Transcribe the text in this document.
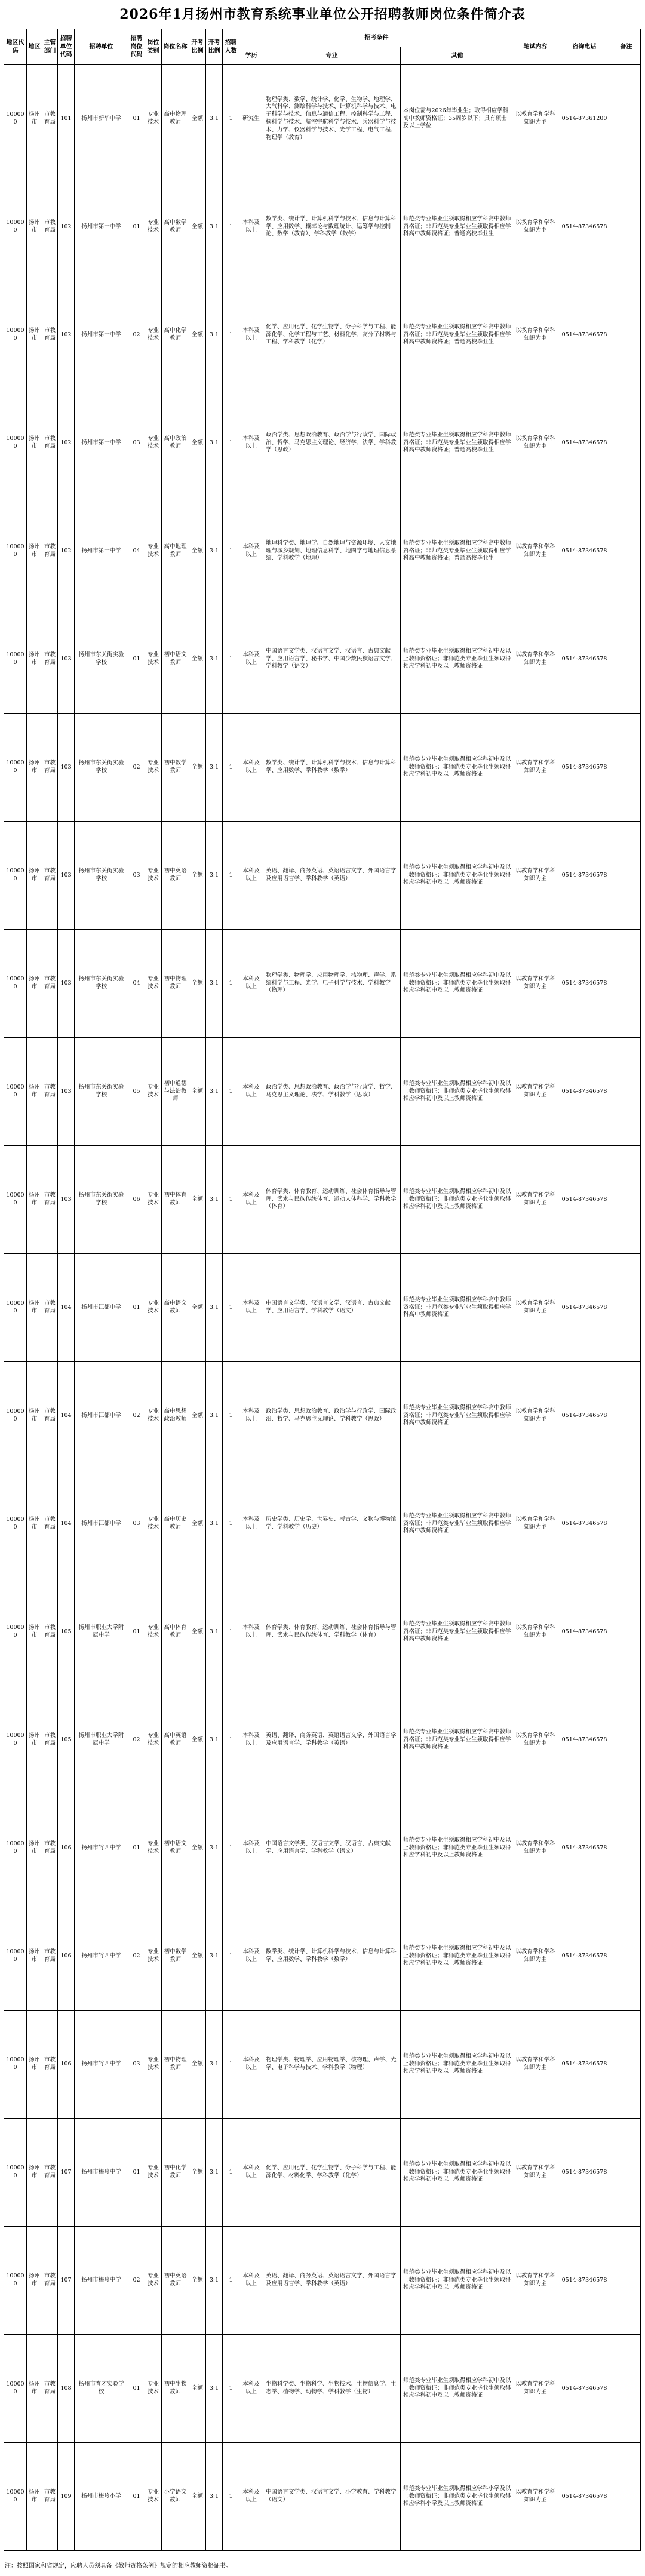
2026年1月扬州市教育系统事业单位公开招聘教师岗位条件简介表
地区代码	地区	主管部门	招聘单位代码	招聘单位	招聘岗位代码	岗位类别	岗位名称	开考比例	开考比例	招聘人数	招考条件			笔试内容	咨询电话	备注
											学历	专业	其他			
100000	扬州市	市教育局	101	扬州市新华中学	01	专业技术	高中物理教师	全额	3:1	1	研究生	物理学类、数学、统计学、化学、生物学、地理学、大气科学、测绘科学与技术、计算机科学与技术、电子科学与技术、信息与通信工程、控制科学与工程、核科学与技术、航空宇航科学与技术、兵器科学与技术、力学、仪器科学与技术、光学工程、电气工程、物理学（教育）	本岗位需与2026年毕业生；取得相应学科高中教师资格证；35周岁以下；具有硕士及以上学位	以教育学和学科知识为主	0514-87361200	
100000	扬州市	市教育局	102	扬州市第一中学	01	专业技术	高中数学教师	全额	3:1	1	本科及以上	数学类、统计学、计算机科学与技术、信息与计算科学、应用数学、概率论与数理统计、运筹学与控制论、数学（教育）、学科教学（数学）	师范类专业毕业生须取得相应学科高中教师资格证；非师范类专业毕业生须取得相应学科高中教师资格证；普通高校毕业生	以教育学和学科知识为主	0514-87346578	
100000	扬州市	市教育局	102	扬州市第一中学	02	专业技术	高中化学教师	全额	3:1	1	本科及以上	化学、应用化学、化学生物学、分子科学与工程、能源化学、化学工程与工艺、材料化学、高分子材料与工程、学科教学（化学）	师范类专业毕业生须取得相应学科高中教师资格证；非师范类专业毕业生须取得相应学科高中教师资格证；普通高校毕业生	以教育学和学科知识为主	0514-87346578	
100000	扬州市	市教育局	102	扬州市第一中学	03	专业技术	高中政治教师	全额	3:1	1	本科及以上	政治学类、思想政治教育、政治学与行政学、国际政治、哲学、马克思主义理论、经济学、法学、学科教学（思政）	师范类专业毕业生须取得相应学科高中教师资格证；非师范类专业毕业生须取得相应学科高中教师资格证；普通高校毕业生	以教育学和学科知识为主	0514-87346578	
100000	扬州市	市教育局	102	扬州市第一中学	04	专业技术	高中地理教师	全额	3:1	1	本科及以上	地理科学类、地理学、自然地理与资源环境、人文地理与城乡规划、地理信息科学、地图学与地理信息系统、学科教学（地理）	师范类专业毕业生须取得相应学科高中教师资格证；非师范类专业毕业生须取得相应学科高中教师资格证；普通高校毕业生	以教育学和学科知识为主	0514-87346578	
100000	扬州市	市教育局	103	扬州市东关街实验学校	01	专业技术	初中语文教师	全额	3:1	1	本科及以上	中国语言文学类、汉语言文学、汉语言、古典文献学、应用语言学、秘书学、中国少数民族语言文学、学科教学（语文）	师范类专业毕业生须取得相应学科初中及以上教师资格证；非师范类专业毕业生须取得相应学科初中及以上教师资格证	以教育学和学科知识为主	0514-87346578	
100000	扬州市	市教育局	103	扬州市东关街实验学校	02	专业技术	初中数学教师	全额	3:1	1	本科及以上	数学类、统计学、计算机科学与技术、信息与计算科学、应用数学、学科教学（数学）	师范类专业毕业生须取得相应学科初中及以上教师资格证；非师范类专业毕业生须取得相应学科初中及以上教师资格证	以教育学和学科知识为主	0514-87346578	
100000	扬州市	市教育局	103	扬州市东关街实验学校	03	专业技术	初中英语教师	全额	3:1	1	本科及以上	英语、翻译、商务英语、英语语言文学、外国语言学及应用语言学、学科教学（英语）	师范类专业毕业生须取得相应学科初中及以上教师资格证；非师范类专业毕业生须取得相应学科初中及以上教师资格证	以教育学和学科知识为主	0514-87346578	
100000	扬州市	市教育局	103	扬州市东关街实验学校	04	专业技术	初中物理教师	全额	3:1	1	本科及以上	物理学类、物理学、应用物理学、核物理、声学、系统科学与工程、光学、电子科学与技术、学科教学（物理）	师范类专业毕业生须取得相应学科初中及以上教师资格证；非师范类专业毕业生须取得相应学科初中及以上教师资格证	以教育学和学科知识为主	0514-87346578	
100000	扬州市	市教育局	103	扬州市东关街实验学校	05	专业技术	初中道德与法治教师	全额	3:1	1	本科及以上	政治学类、思想政治教育、政治学与行政学、哲学、马克思主义理论、法学、学科教学（思政）	师范类专业毕业生须取得相应学科初中及以上教师资格证；非师范类专业毕业生须取得相应学科初中及以上教师资格证	以教育学和学科知识为主	0514-87346578	
100000	扬州市	市教育局	103	扬州市东关街实验学校	06	专业技术	初中体育教师	全额	3:1	1	本科及以上	体育学类、体育教育、运动训练、社会体育指导与管理、武术与民族传统体育、运动人体科学、学科教学（体育）	师范类专业毕业生须取得相应学科初中及以上教师资格证；非师范类专业毕业生须取得相应学科初中及以上教师资格证	以教育学和学科知识为主	0514-87346578	
100000	扬州市	市教育局	104	扬州市江都中学	01	专业技术	高中语文教师	全额	3:1	1	本科及以上	中国语言文学类、汉语言文学、汉语言、古典文献学、应用语言学、学科教学（语文）	师范类专业毕业生须取得相应学科高中教师资格证；非师范类专业毕业生须取得相应学科高中教师资格证	以教育学和学科知识为主	0514-87346578	
100000	扬州市	市教育局	104	扬州市江都中学	02	专业技术	高中思想政治教师	全额	3:1	1	本科及以上	政治学类、思想政治教育、政治学与行政学、国际政治、哲学、马克思主义理论、学科教学（思政）	师范类专业毕业生须取得相应学科高中教师资格证；非师范类专业毕业生须取得相应学科高中教师资格证	以教育学和学科知识为主	0514-87346578	
100000	扬州市	市教育局	104	扬州市江都中学	03	专业技术	高中历史教师	全额	3:1	1	本科及以上	历史学类、历史学、世界史、考古学、文物与博物馆学、学科教学（历史）	师范类专业毕业生须取得相应学科高中教师资格证；非师范类专业毕业生须取得相应学科高中教师资格证	以教育学和学科知识为主	0514-87346578	
100000	扬州市	市教育局	105	扬州市职业大学附属中学	01	专业技术	高中体育教师	全额	3:1	1	本科及以上	体育学类、体育教育、运动训练、社会体育指导与管理、武术与民族传统体育、学科教学（体育）	师范类专业毕业生须取得相应学科高中教师资格证；非师范类专业毕业生须取得相应学科高中教师资格证	以教育学和学科知识为主	0514-87346578	
100000	扬州市	市教育局	105	扬州市职业大学附属中学	02	专业技术	高中英语教师	全额	3:1	1	本科及以上	英语、翻译、商务英语、英语语言文学、外国语言学及应用语言学、学科教学（英语）	师范类专业毕业生须取得相应学科高中教师资格证；非师范类专业毕业生须取得相应学科高中教师资格证	以教育学和学科知识为主	0514-87346578	
100000	扬州市	市教育局	106	扬州市竹西中学	01	专业技术	初中语文教师	全额	3:1	1	本科及以上	中国语言文学类、汉语言文学、汉语言、古典文献学、应用语言学、学科教学（语文）	师范类专业毕业生须取得相应学科初中及以上教师资格证；非师范类专业毕业生须取得相应学科初中及以上教师资格证	以教育学和学科知识为主	0514-87346578	
100000	扬州市	市教育局	106	扬州市竹西中学	02	专业技术	初中数学教师	全额	3:1	1	本科及以上	数学类、统计学、计算机科学与技术、信息与计算科学、应用数学、学科教学（数学）	师范类专业毕业生须取得相应学科初中及以上教师资格证；非师范类专业毕业生须取得相应学科初中及以上教师资格证	以教育学和学科知识为主	0514-87346578	
100000	扬州市	市教育局	106	扬州市竹西中学	03	专业技术	初中物理教师	全额	3:1	1	本科及以上	物理学类、物理学、应用物理学、核物理、声学、光学、电子科学与技术、学科教学（物理）	师范类专业毕业生须取得相应学科初中及以上教师资格证；非师范类专业毕业生须取得相应学科初中及以上教师资格证	以教育学和学科知识为主	0514-87346578	
100000	扬州市	市教育局	107	扬州市梅岭中学	01	专业技术	初中化学教师	全额	3:1	1	本科及以上	化学、应用化学、化学生物学、分子科学与工程、能源化学、材料化学、学科教学（化学）	师范类专业毕业生须取得相应学科初中及以上教师资格证；非师范类专业毕业生须取得相应学科初中及以上教师资格证	以教育学和学科知识为主	0514-87346578	
100000	扬州市	市教育局	107	扬州市梅岭中学	02	专业技术	初中英语教师	全额	3:1	1	本科及以上	英语、翻译、商务英语、英语语言文学、外国语言学及应用语言学、学科教学（英语）	师范类专业毕业生须取得相应学科初中及以上教师资格证；非师范类专业毕业生须取得相应学科初中及以上教师资格证	以教育学和学科知识为主	0514-87346578	
100000	扬州市	市教育局	108	扬州市育才实验学校	01	专业技术	初中生物教师	全额	3:1	1	本科及以上	生物科学类、生物科学、生物技术、生物信息学、生态学、植物学、动物学、学科教学（生物）	师范类专业毕业生须取得相应学科初中及以上教师资格证；非师范类专业毕业生须取得相应学科初中及以上教师资格证	以教育学和学科知识为主	0514-87346578	
100000	扬州市	市教育局	109	扬州市梅岭小学	01	专业技术	小学语文教师	全额	3:1	1	本科及以上	中国语言文学类、汉语言文学、小学教育、学科教学（语文）	师范类专业毕业生须取得相应学科小学及以上教师资格证；非师范类专业毕业生须取得相应学科小学及以上教师资格证	以教育学和学科知识为主	0514-87346578	
注：按照国家和省规定，应聘人员须具备《教师资格条例》规定的相应教师资格证书。
